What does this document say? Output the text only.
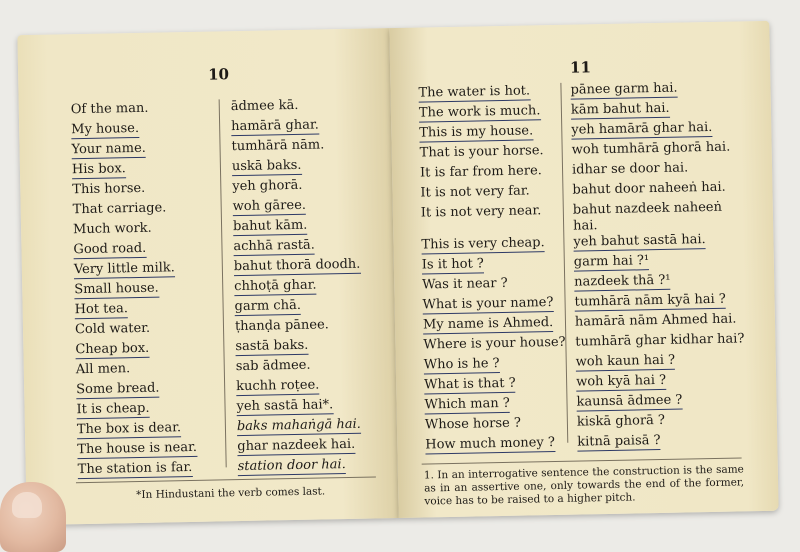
10
Of the man.
My house.
Your name.
His box.
This horse.
That carriage.
Much work.
Good road.
Very little milk.
Small house.
Hot tea.
Cold water.
Cheap box.
All men.
Some bread.
It is cheap.
The box is dear.
The house is near.
The station is far.
ādmee kā.
hamārā ghar.
tumhārā nām.
uskā baks.
yeh ghorā.
woh gāree.
bahut kām.
achhā rastā.
bahut thorā doodh.
chhoṭā ghar.
garm chā.
ṭhanḍa pānee.
sastā baks.
sab ādmee.
kuchh roṭee.
yeh sastā hai*.
baks mahaṅgā hai.
ghar nazdeek hai.
station door hai.
*In Hindustani the verb comes last.
11
The water is hot.
The work is much.
This is my house.
That is your horse.
It is far from here.
It is not very far.
It is not very near.
This is very cheap.
Is it hot ?
Was it near ?
What is your name?
My name is Ahmed.
Where is your house?
Who is he ?
What is that ?
Which man ?
Whose horse ?
How much money ?
pānee garm hai.
kām bahut hai.
yeh hamārā ghar hai.
woh tumhārā ghorā hai.
idhar se door hai.
bahut door naheeṅ hai.
bahut nazdeek naheeṅ hai.
yeh bahut sastā hai.
garm hai ?¹
nazdeek thā ?¹
tumhārā nām kyā hai ?
hamārā nām Ahmed hai.
tumhārā ghar kidhar hai?
woh kaun hai ?
woh kyā hai ?
kaunsā ādmee ?
kiskā ghorā ?
kitnā paisā ?
1. In an interrogative sentence the construction is the same as in an assertive one, only towards the end of the former, voice has to be raised to a higher pitch.
